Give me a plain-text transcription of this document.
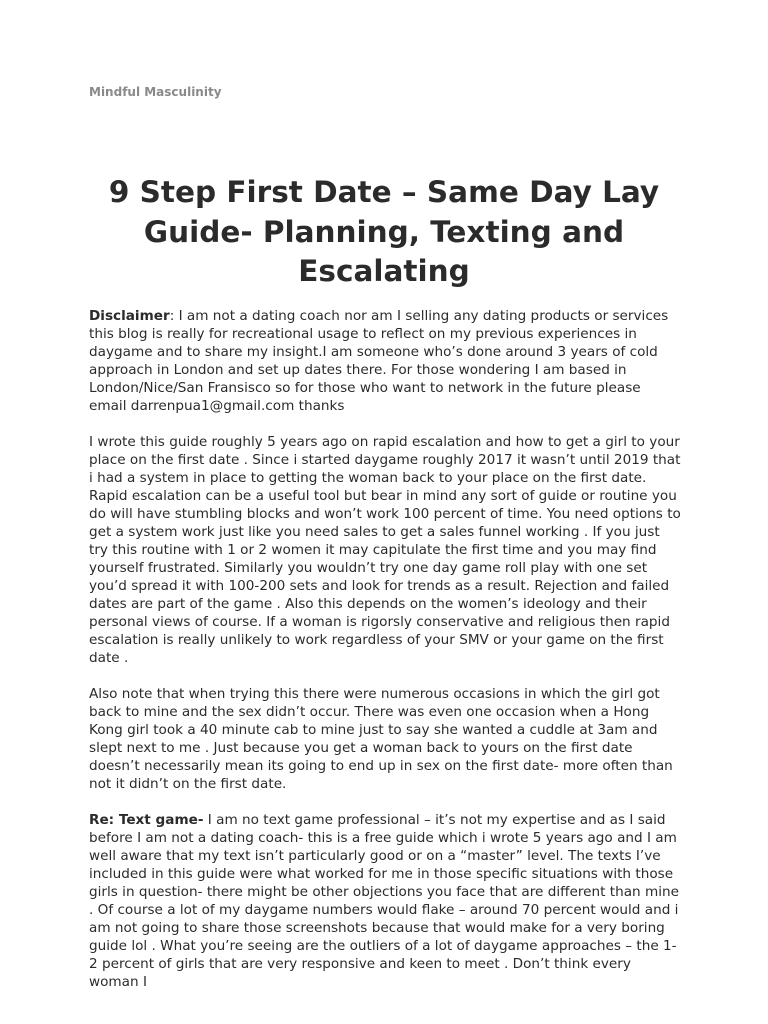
Mindful Masculinity
9 Step First Date – Same Day Lay Guide- Planning, Texting and Escalating

Disclaimer: I am not a dating coach nor am I selling any dating products or services this blog is really for recreational usage to reflect on my previous experiences in daygame and to share my insight.I am someone who’s done around 3 years of cold approach in London and set up dates there. For those wondering I am based in London/Nice/San Fransisco so for those who want to network in the future please email darrenpua1@gmail.com thanks

I wrote this guide roughly 5 years ago on rapid escalation and how to get a girl to your place on the first date . Since i started daygame roughly 2017 it wasn’t until 2019 that i had a system in place to getting the woman back to your place on the first date. Rapid escalation can be a useful tool but bear in mind any sort of guide or routine you do will have stumbling blocks and won’t work 100 percent of time. You need options to get a system work just like you need sales to get a sales funnel working . If you just try this routine with 1 or 2 women it may capitulate the first time and you may find yourself frustrated. Similarly you wouldn’t try one day game roll play with one set you’d spread it with 100-200 sets and look for trends as a result. Rejection and failed dates are part of the game . Also this depends on the women’s ideology and their personal views of course. If a woman is rigorsly conservative and religious then rapid escalation is really unlikely to work regardless of your SMV or your game on the first date .

Also note that when trying this there were numerous occasions in which the girl got back to mine and the sex didn’t occur. There was even one occasion when a Hong Kong girl took a 40 minute cab to mine just to say she wanted a cuddle at 3am and slept next to me . Just because you get a woman back to yours on the first date doesn’t necessarily mean its going to end up in sex on the first date- more often than not it didn’t on the first date.

Re: Text game- I am no text game professional – it’s not my expertise and as I said before I am not a dating coach- this is a free guide which i wrote 5 years ago and I am well aware that my text isn’t particularly good or on a “master” level. The texts I’ve included in this guide were what worked for me in those specific situations with those girls in question- there might be other objections you face that are different than mine . Of course a lot of my daygame numbers would flake – around 70 percent would and i am not going to share those screenshots because that would make for a very boring guide lol . What you’re seeing are the outliers of a lot of daygame approaches – the 1-2 percent of girls that are very responsive and keen to meet . Don’t think every woman I
